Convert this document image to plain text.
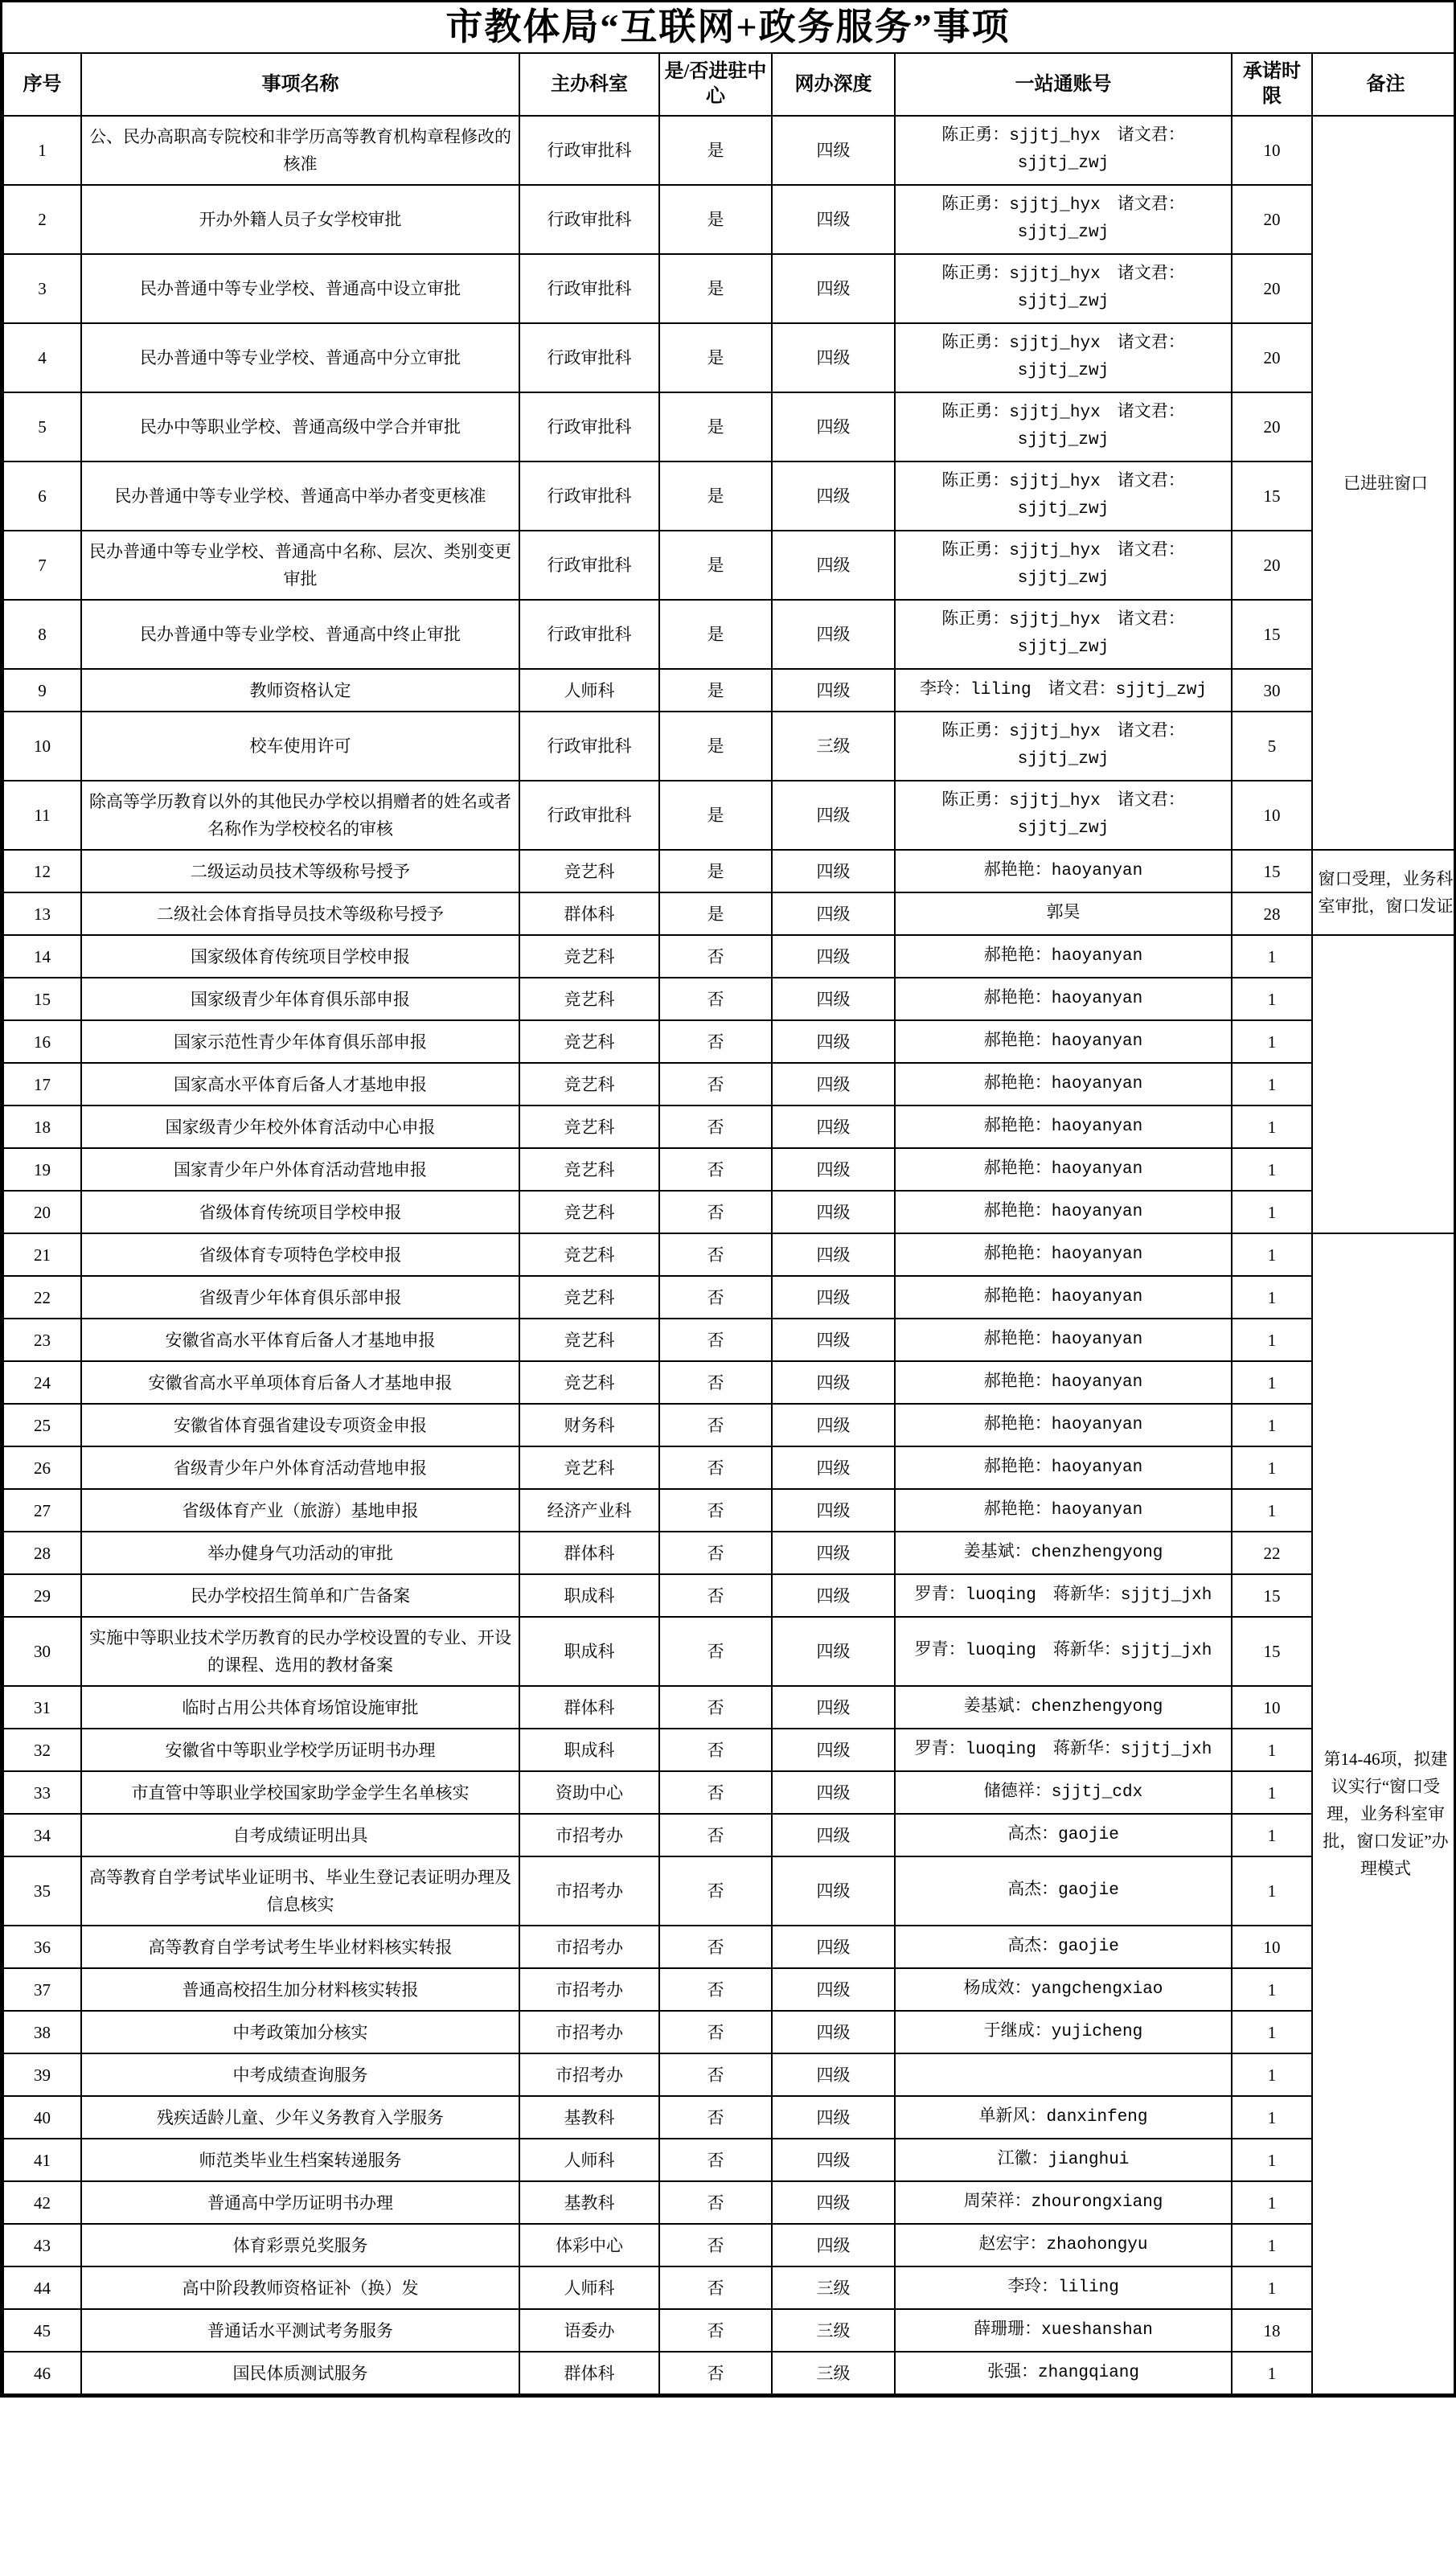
市教体局“互联网+政务服务”事项
序号	事项名称	主办科室	是/否进驻中心	网办深度	一站通账号	承诺时限	备注
1	公、民办高职高专院校和非学历高等教育机构章程修改的核准	行政审批科	是	四级	陈正勇：sjjtj_hyx　诸文君：sjjtj_zwj	10	已进驻窗口
2	开办外籍人员子女学校审批	行政审批科	是	四级	陈正勇：sjjtj_hyx　诸文君：sjjtj_zwj	20	
3	民办普通中等专业学校、普通高中设立审批	行政审批科	是	四级	陈正勇：sjjtj_hyx　诸文君：sjjtj_zwj	20	
4	民办普通中等专业学校、普通高中分立审批	行政审批科	是	四级	陈正勇：sjjtj_hyx　诸文君：sjjtj_zwj	20	
5	民办中等职业学校、普通高级中学合并审批	行政审批科	是	四级	陈正勇：sjjtj_hyx　诸文君：sjjtj_zwj	20	
6	民办普通中等专业学校、普通高中举办者变更核准	行政审批科	是	四级	陈正勇：sjjtj_hyx　诸文君：sjjtj_zwj	15	
7	民办普通中等专业学校、普通高中名称、层次、类别变更审批	行政审批科	是	四级	陈正勇：sjjtj_hyx　诸文君：sjjtj_zwj	20	
8	民办普通中等专业学校、普通高中终止审批	行政审批科	是	四级	陈正勇：sjjtj_hyx　诸文君：sjjtj_zwj	15	
9	教师资格认定	人师科	是	四级	李玲：liling　诸文君：sjjtj_zwj	30	
10	校车使用许可	行政审批科	是	三级	陈正勇：sjjtj_hyx　诸文君：sjjtj_zwj	5	
11	除高等学历教育以外的其他民办学校以捐赠者的姓名或者名称作为学校校名的审核	行政审批科	是	四级	陈正勇：sjjtj_hyx　诸文君：sjjtj_zwj	10	
12	二级运动员技术等级称号授予	竞艺科	是	四级	郝艳艳：haoyanyan	15	窗口受理，业务科室审批，窗口发证
13	二级社会体育指导员技术等级称号授予	群体科	是	四级	郭昊	28	
14	国家级体育传统项目学校申报	竞艺科	否	四级	郝艳艳：haoyanyan	1	
15	国家级青少年体育俱乐部申报	竞艺科	否	四级	郝艳艳：haoyanyan	1	
16	国家示范性青少年体育俱乐部申报	竞艺科	否	四级	郝艳艳：haoyanyan	1	
17	国家高水平体育后备人才基地申报	竞艺科	否	四级	郝艳艳：haoyanyan	1	
18	国家级青少年校外体育活动中心申报	竞艺科	否	四级	郝艳艳：haoyanyan	1	
19	国家青少年户外体育活动营地申报	竞艺科	否	四级	郝艳艳：haoyanyan	1	
20	省级体育传统项目学校申报	竞艺科	否	四级	郝艳艳：haoyanyan	1	
21	省级体育专项特色学校申报	竞艺科	否	四级	郝艳艳：haoyanyan	1	第14-46项，拟建议实行“窗口受理，业务科室审批，窗口发证”办理模式
22	省级青少年体育俱乐部申报	竞艺科	否	四级	郝艳艳：haoyanyan	1	
23	安徽省高水平体育后备人才基地申报	竞艺科	否	四级	郝艳艳：haoyanyan	1	
24	安徽省高水平单项体育后备人才基地申报	竞艺科	否	四级	郝艳艳：haoyanyan	1	
25	安徽省体育强省建设专项资金申报	财务科	否	四级	郝艳艳：haoyanyan	1	
26	省级青少年户外体育活动营地申报	竞艺科	否	四级	郝艳艳：haoyanyan	1	
27	省级体育产业（旅游）基地申报	经济产业科	否	四级	郝艳艳：haoyanyan	1	
28	举办健身气功活动的审批	群体科	否	四级	姜基斌：chenzhengyong	22	
29	民办学校招生简单和广告备案	职成科	否	四级	罗青：luoqing　蒋新华：sjjtj_jxh	15	
30	实施中等职业技术学历教育的民办学校设置的专业、开设的课程、选用的教材备案	职成科	否	四级	罗青：luoqing　蒋新华：sjjtj_jxh	15	
31	临时占用公共体育场馆设施审批	群体科	否	四级	姜基斌：chenzhengyong	10	
32	安徽省中等职业学校学历证明书办理	职成科	否	四级	罗青：luoqing　蒋新华：sjjtj_jxh	1	
33	市直管中等职业学校国家助学金学生名单核实	资助中心	否	四级	储德祥：sjjtj_cdx	1	
34	自考成绩证明出具	市招考办	否	四级	高杰：gaojie	1	
35	高等教育自学考试毕业证明书、毕业生登记表证明办理及信息核实	市招考办	否	四级	高杰：gaojie	1	
36	高等教育自学考试考生毕业材料核实转报	市招考办	否	四级	高杰：gaojie	10	
37	普通高校招生加分材料核实转报	市招考办	否	四级	杨成效：yangchengxiao	1	
38	中考政策加分核实	市招考办	否	四级	于继成：yujicheng	1	
39	中考成绩查询服务	市招考办	否	四级		1	
40	残疾适龄儿童、少年义务教育入学服务	基教科	否	四级	单新风：danxinfeng	1	
41	师范类毕业生档案转递服务	人师科	否	四级	江徽：jianghui	1	
42	普通高中学历证明书办理	基教科	否	四级	周荣祥：zhourongxiang	1	
43	体育彩票兑奖服务	体彩中心	否	四级	赵宏宇：zhaohongyu	1	
44	高中阶段教师资格证补（换）发	人师科	否	三级	李玲：liling	1	
45	普通话水平测试考务服务	语委办	否	三级	薛珊珊：xueshanshan	18	
46	国民体质测试服务	群体科	否	三级	张强：zhangqiang	1	
